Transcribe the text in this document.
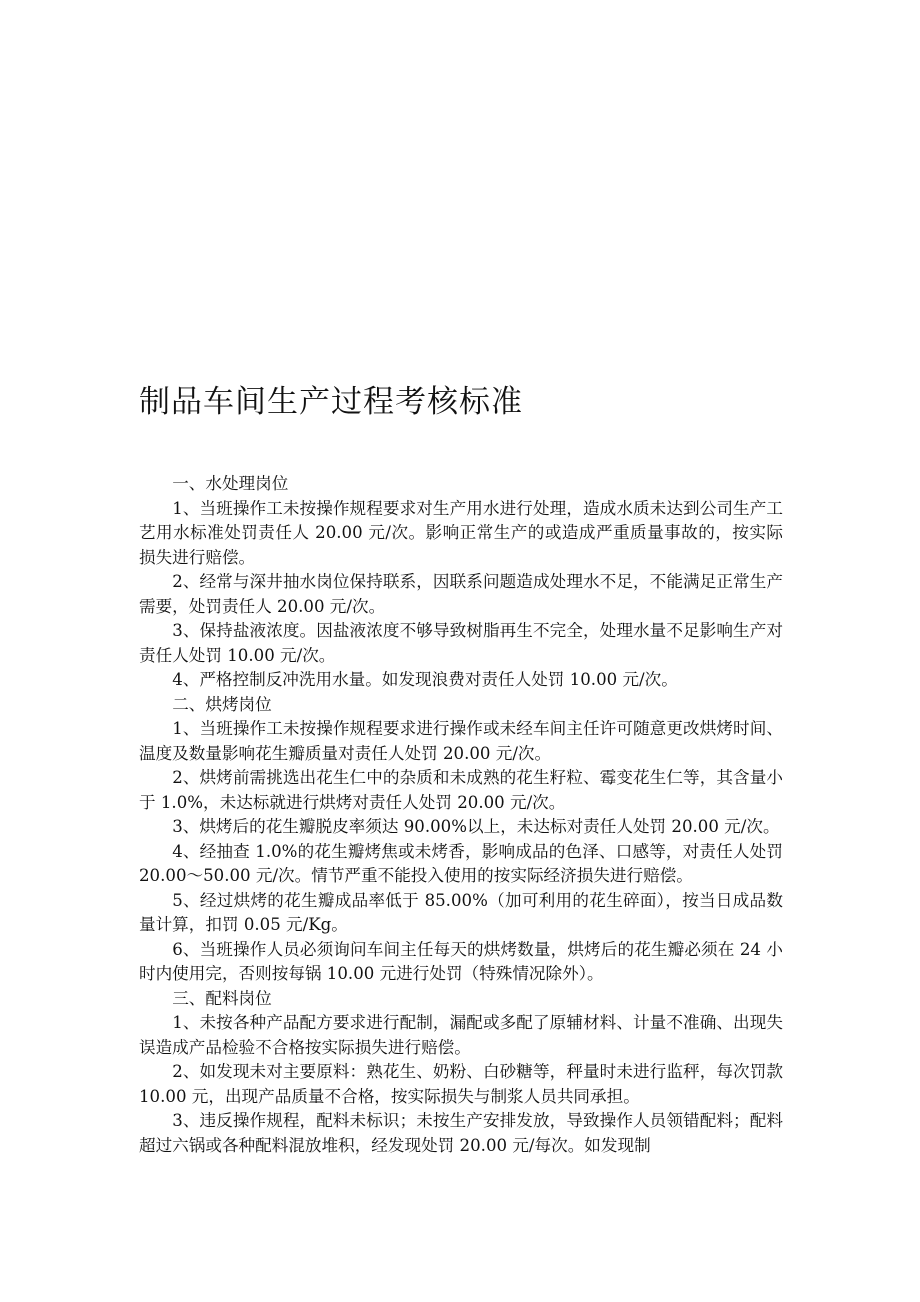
制品车间生产过程考核标准

一、水处理岗位

1、当班操作工未按操作规程要求对生产用水进行处理，造成水质未达到公司生产工艺用水标准处罚责任人 20.00 元/次。影响正常生产的或造成严重质量事故的，按实际损失进行赔偿。

2、经常与深井抽水岗位保持联系，因联系问题造成处理水不足，不能满足正常生产需要，处罚责任人 20.00 元/次。

3、保持盐液浓度。因盐液浓度不够导致树脂再生不完全，处理水量不足影响生产对责任人处罚 10.00 元/次。

4、严格控制反冲洗用水量。如发现浪费对责任人处罚 10.00 元/次。

二、烘烤岗位

1、当班操作工未按操作规程要求进行操作或未经车间主任许可随意更改烘烤时间、温度及数量影响花生瓣质量对责任人处罚 20.00 元/次。

2、烘烤前需挑选出花生仁中的杂质和未成熟的花生籽粒、霉变花生仁等，其含量小于 1.0%，未达标就进行烘烤对责任人处罚 20.00 元/次。

3、烘烤后的花生瓣脱皮率须达 90.00%以上，未达标对责任人处罚 20.00 元/次。

4、经抽查 1.0%的花生瓣烤焦或未烤香，影响成品的色泽、口感等，对责任人处罚 20.00～50.00 元/次。情节严重不能投入使用的按实际经济损失进行赔偿。

5、经过烘烤的花生瓣成品率低于 85.00%（加可利用的花生碎面），按当日成品数量计算，扣罚 0.05 元/Kg。

6、当班操作人员必须询问车间主任每天的烘烤数量，烘烤后的花生瓣必须在 24 小时内使用完，否则按每锅 10.00 元进行处罚（特殊情况除外）。

三、配料岗位

1、未按各种产品配方要求进行配制，漏配或多配了原辅材料、计量不准确、出现失误造成产品检验不合格按实际损失进行赔偿。

2、如发现未对主要原料：熟花生、奶粉、白砂糖等，秤量时未进行监秤，每次罚款 10.00 元，出现产品质量不合格，按实际损失与制浆人员共同承担。

3、违反操作规程，配料未标识；未按生产安排发放，导致操作人员领错配料；配料超过六锅或各种配料混放堆积，经发现处罚 20.00 元/每次。如发现制
